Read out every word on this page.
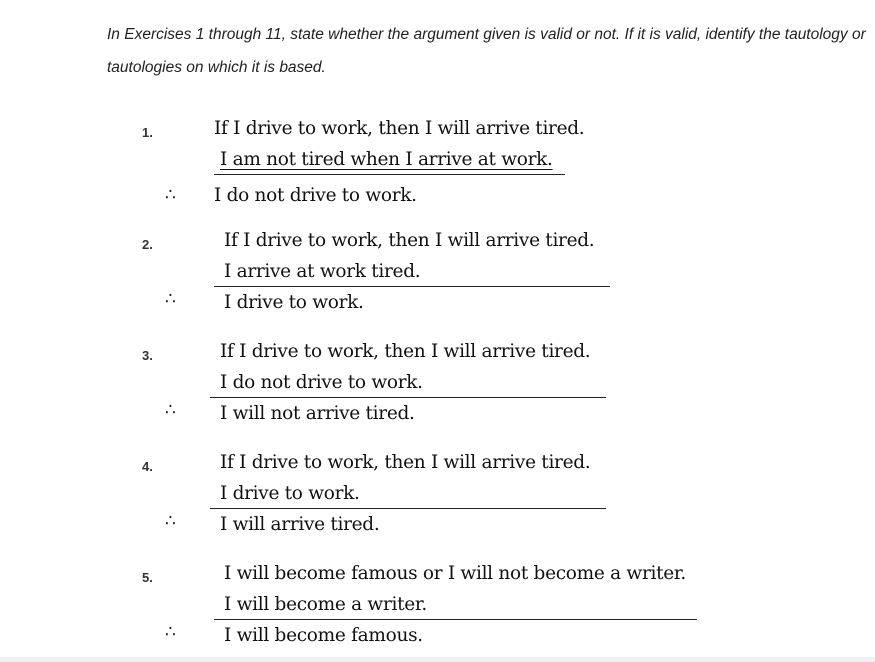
In Exercises 1 through 11, state whether the argument given is valid or not. If it is valid, identify the tautology or tautologies on which it is based.

1.	If I drive to work, then I will arrive tired.
I am not tired when I arrive at work.
∴ I do not drive to work.
2.	If I drive to work, then I will arrive tired.
I arrive at work tired.
∴	I drive to work.
3.	If I drive to work, then I will arrive tired.
I do not drive to work.
∴ I will not arrive tired.
4.	If I drive to work, then I will arrive tired.
I drive to work.
∴ I will arrive tired.
5.	I will become famous or I will not become a writer.
I will become a writer.
∴	I will become famous.
